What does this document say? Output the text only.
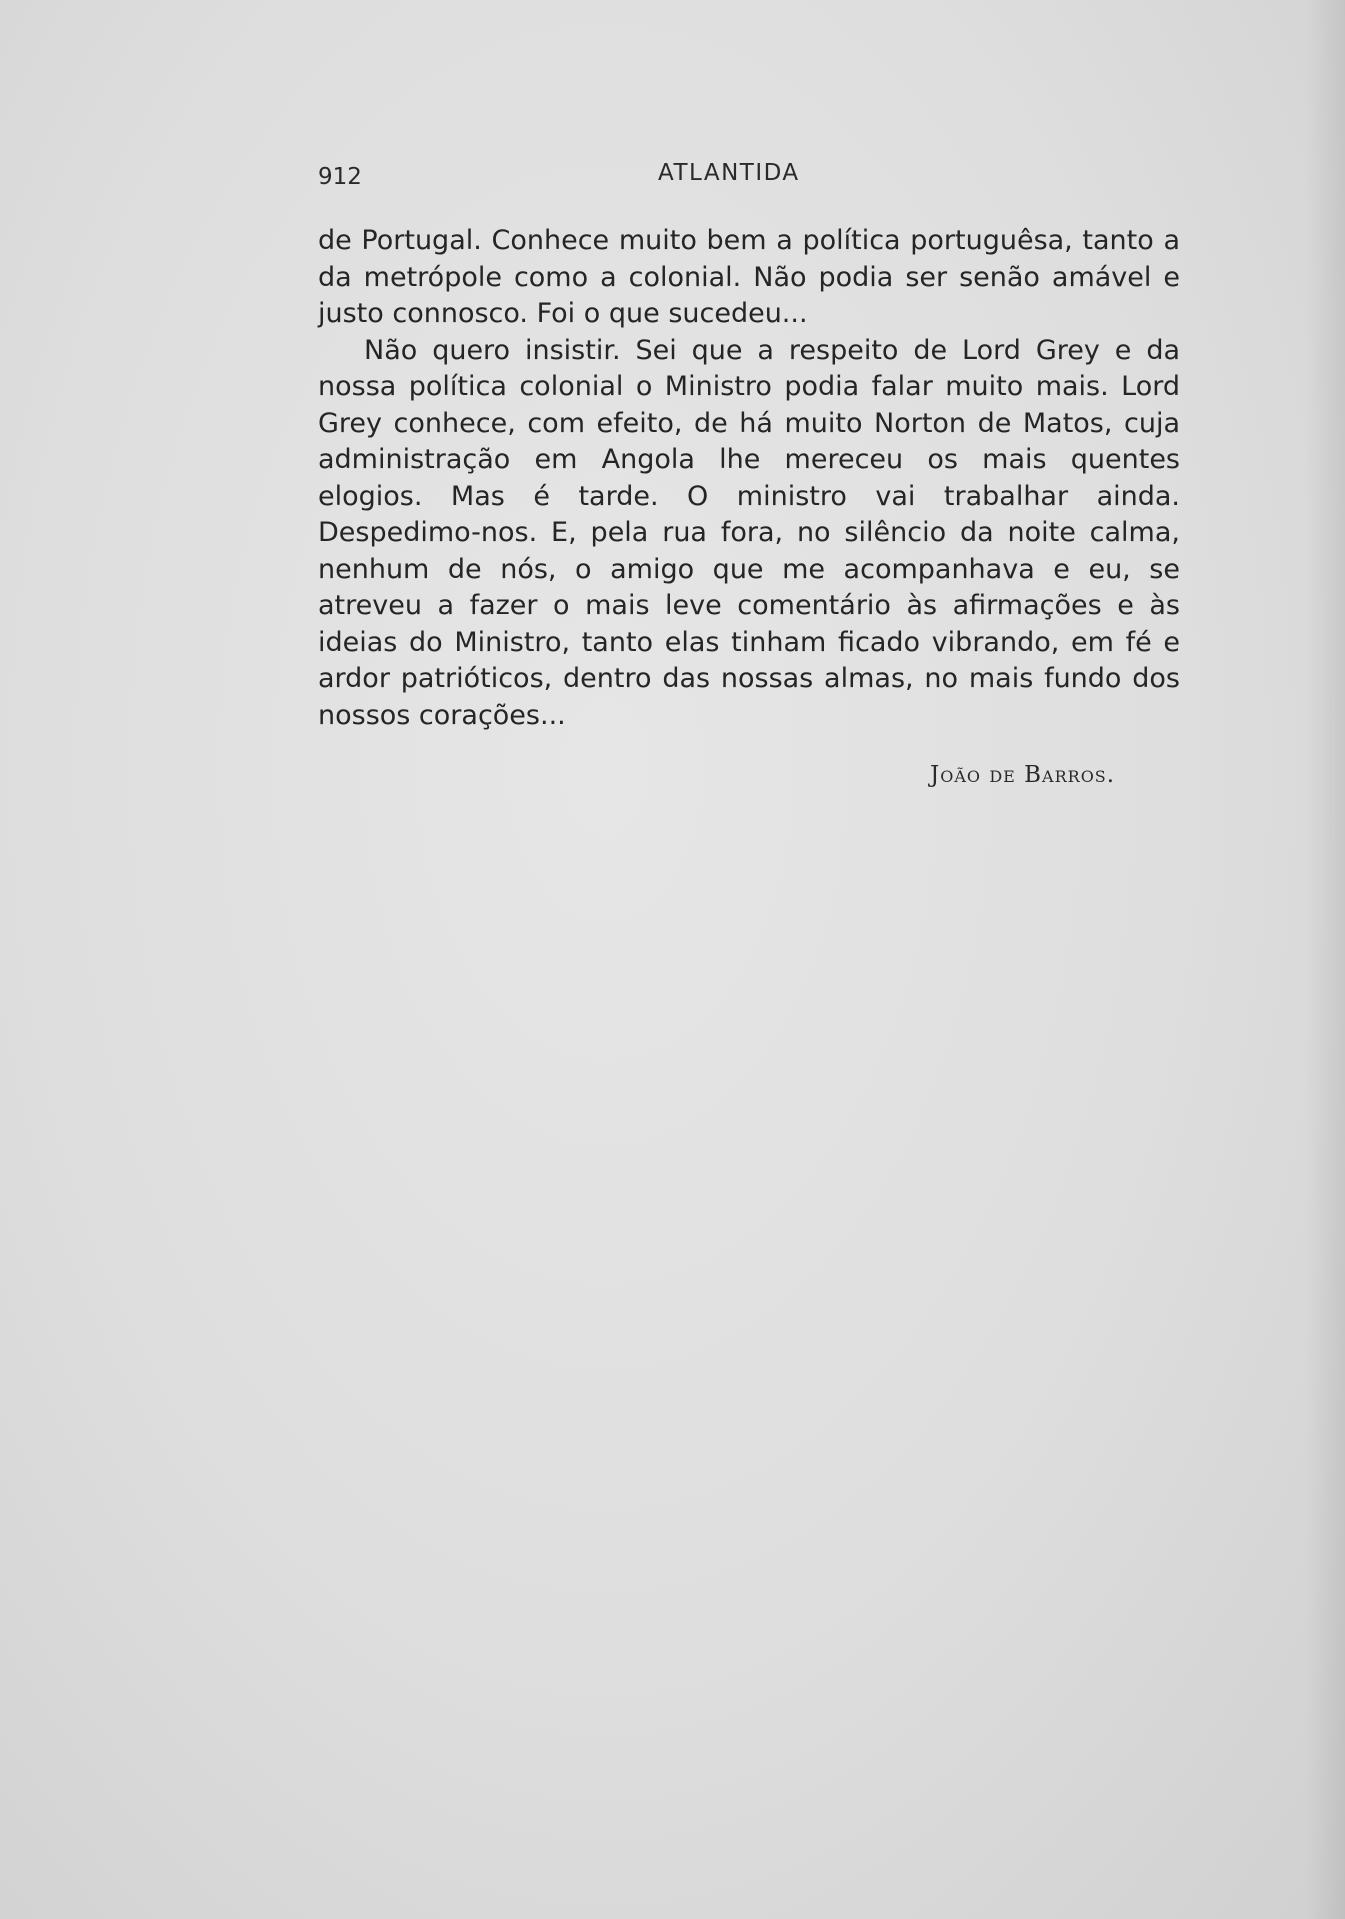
912	ATLANTIDA

de Portugal. Conhece muito bem a política portuguêsa, tanto a da metrópole como a colonial. Não podia ser senão amável e justo connosco. Foi o que sucedeu...

Não quero insistir. Sei que a respeito de Lord Grey e da nossa política colonial o Ministro podia falar muito mais. Lord Grey conhece, com efeito, de há muito Norton de Matos, cuja administração em Angola lhe mereceu os mais quentes elogios. Mas é tarde. O ministro vai trabalhar ainda. Despedimo-nos. E, pela rua fora, no silêncio da noite calma, nenhum de nós, o amigo que me acompanhava e eu, se atreveu a fazer o mais leve comentário às afirmações e às ideias do Ministro, tanto elas tinham ficado vibrando, em fé e ardor patrióticos, dentro das nossas almas, no mais fundo dos nossos corações...

João de Barros.
